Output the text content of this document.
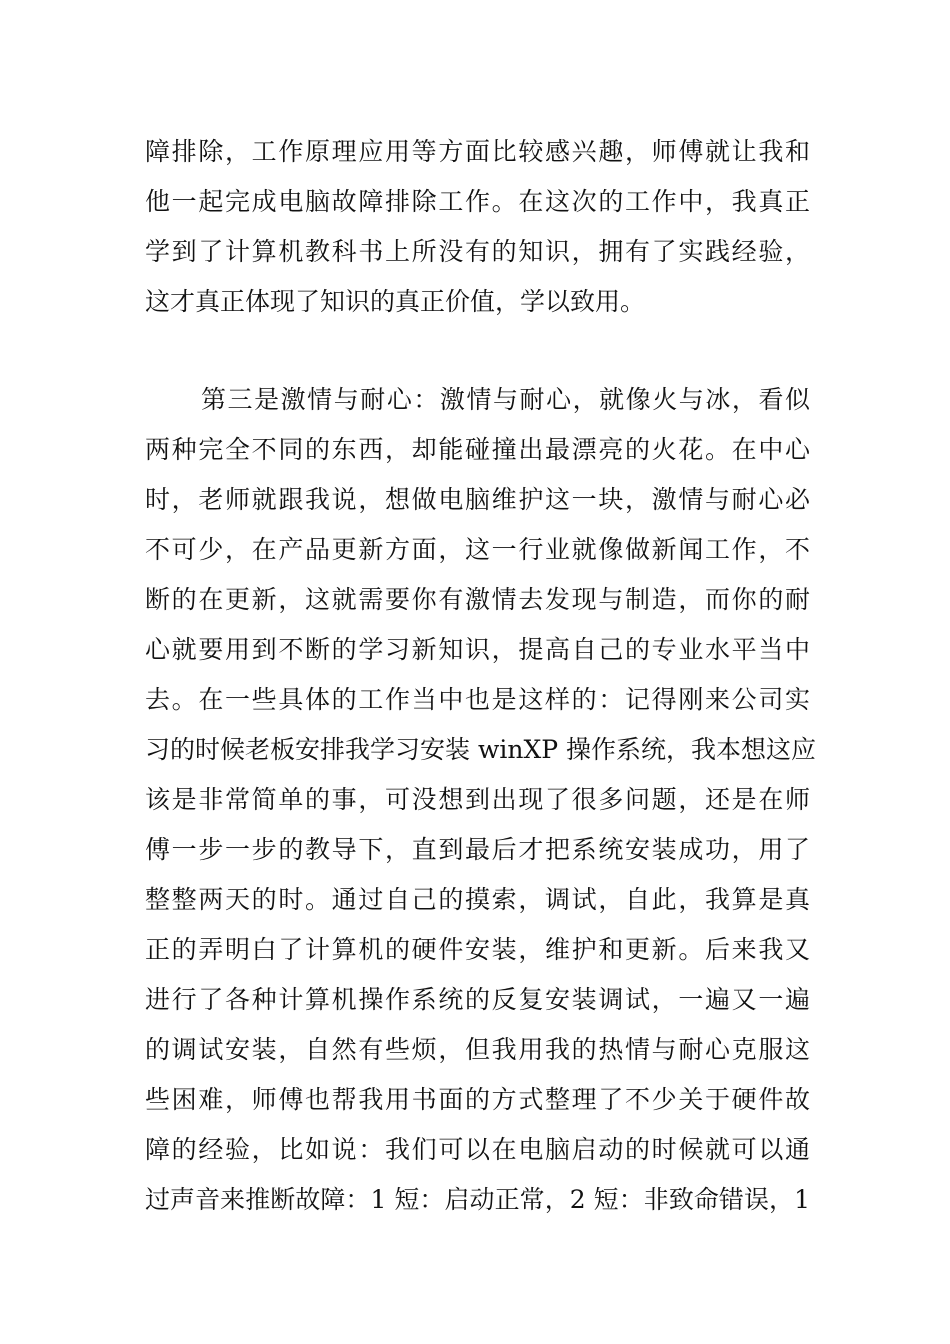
障排除，工作原理应用等方面比较感兴趣，师傅就让我和
他一起完成电脑故障排除工作。在这次的工作中，我真正
学到了计算机教科书上所没有的知识，拥有了实践经验，
这才真正体现了知识的真正价值，学以致用。
第三是激情与耐心：激情与耐心，就像火与冰，看似
两种完全不同的东西，却能碰撞出最漂亮的火花。在中心
时，老师就跟我说，想做电脑维护这一块，激情与耐心必
不可少，在产品更新方面，这一行业就像做新闻工作，不
断的在更新，这就需要你有激情去发现与制造，而你的耐
心就要用到不断的学习新知识，提高自己的专业水平当中
去。在一些具体的工作当中也是这样的：记得刚来公司实
习的时候老板安排我学习安装 winXP 操作系统，我本想这应
该是非常简单的事，可没想到出现了很多问题，还是在师
傅一步一步的教导下，直到最后才把系统安装成功，用了
整整两天的时。通过自己的摸索，调试，自此，我算是真
正的弄明白了计算机的硬件安装，维护和更新。后来我又
进行了各种计算机操作系统的反复安装调试，一遍又一遍
的调试安装，自然有些烦，但我用我的热情与耐心克服这
些困难，师傅也帮我用书面的方式整理了不少关于硬件故
障的经验，比如说：我们可以在电脑启动的时候就可以通
过声音来推断故障：1 短：启动正常，2 短：非致命错误，1
